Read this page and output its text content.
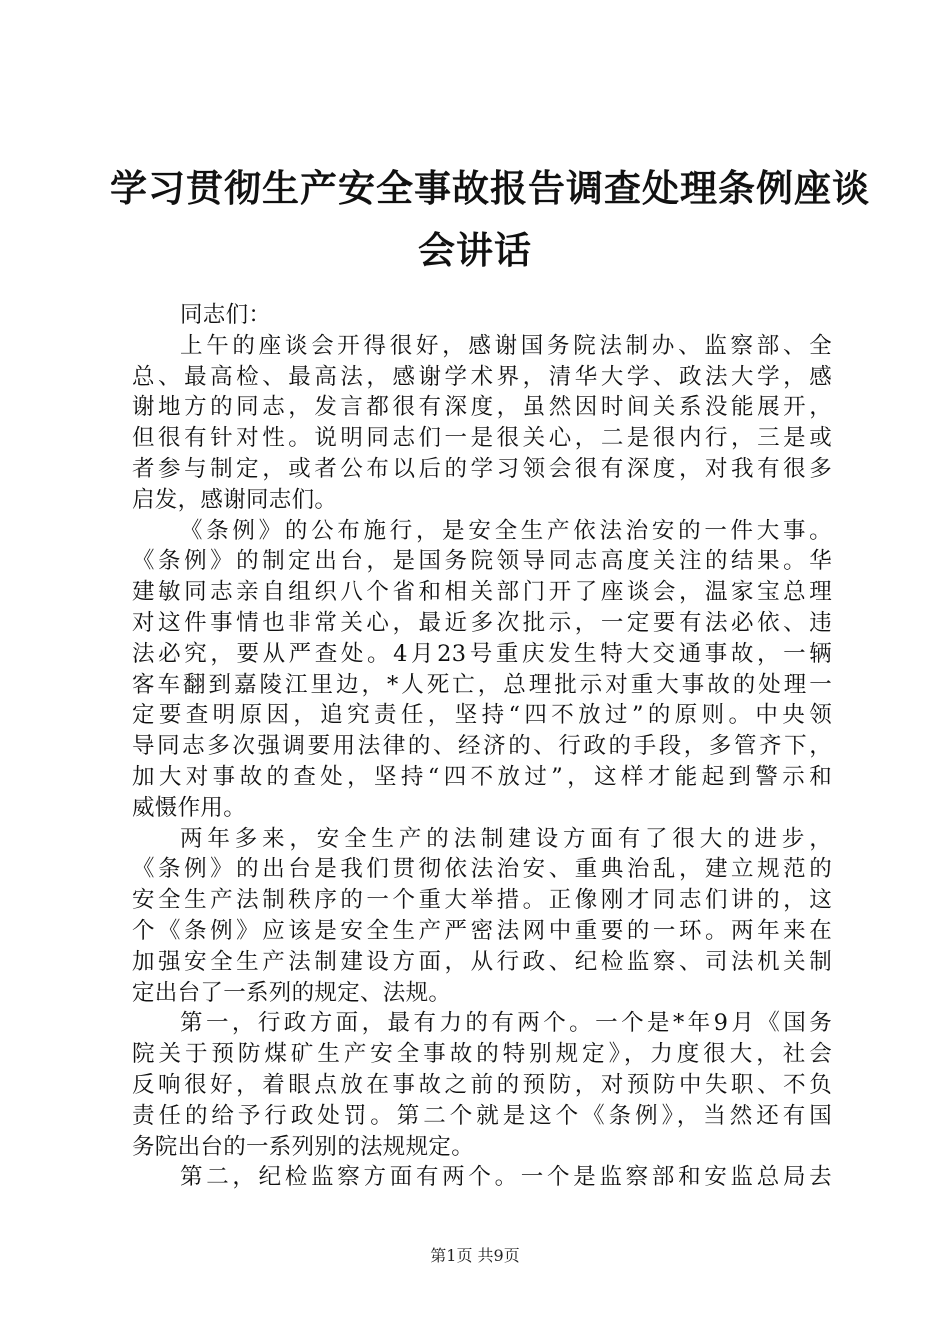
学习贯彻生产安全事故报告调查处理条例座谈
会讲话
同志们：
上午的座谈会开得很好，感谢国务院法制办、监察部、全
总、最高检、最高法，感谢学术界，清华大学、政法大学，感
谢地方的同志，发言都很有深度，虽然因时间关系没能展开，
但很有针对性。说明同志们一是很关心，二是很内行，三是或
者参与制定，或者公布以后的学习领会很有深度，对我有很多
启发，感谢同志们。
《条例》的公布施行，是安全生产依法治安的一件大事。
《条例》的制定出台，是国务院领导同志高度关注的结果。华
建敏同志亲自组织八个省和相关部门开了座谈会，温家宝总理
对这件事情也非常关心，最近多次批示，一定要有法必依、违
法必究，要从严查处。4月23号重庆发生特大交通事故，一辆
客车翻到嘉陵江里边，*人死亡，总理批示对重大事故的处理一
定要查明原因，追究责任，坚持“四不放过”的原则。中央领
导同志多次强调要用法律的、经济的、行政的手段，多管齐下，
加大对事故的查处，坚持“四不放过”，这样才能起到警示和
威慑作用。
两年多来，安全生产的法制建设方面有了很大的进步，
《条例》的出台是我们贯彻依法治安、重典治乱，建立规范的
安全生产法制秩序的一个重大举措。正像刚才同志们讲的，这
个《条例》应该是安全生产严密法网中重要的一环。两年来在
加强安全生产法制建设方面，从行政、纪检监察、司法机关制
定出台了一系列的规定、法规。
第一，行政方面，最有力的有两个。一个是*年9月《国务
院关于预防煤矿生产安全事故的特别规定》，力度很大，社会
反响很好，着眼点放在事故之前的预防，对预防中失职、不负
责任的给予行政处罚。第二个就是这个《条例》，当然还有国
务院出台的一系列别的法规规定。
第二，纪检监察方面有两个。一个是监察部和安监总局去
第1页 共9页
